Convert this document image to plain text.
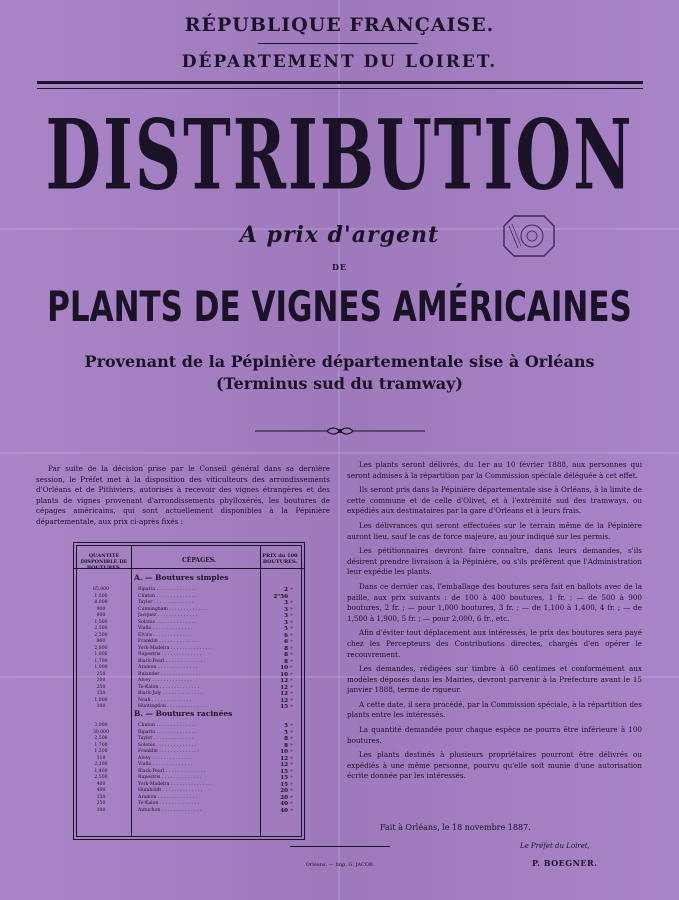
RÉPUBLIQUE FRANÇAISE.
DÉPARTEMENT DU LOIRET.
DISTRIBUTION
A prix d'argent
DE
PLANTS DE VIGNES AMÉRICAINES
Provenant de la Pépinière départementale sise à Orléans
(Terminus sud du tramway)

Par suite de la décision prise par le Conseil général dans sa dernière session, le Préfet met à la disposition des viticulteurs des arrondissements d'Orléans et de Pithiviers, autorisés à recevoir des vignes étrangères et des plants de vignes provenant d'arrondissements phylloxérés, les boutures de cépages américains, qui sont actuellement disponibles à la Pépinière départementale, aux prix ci-après fixés :

QUANTITÉ DISPONIBLE DE BOUTURES.
CÉPAGES.
PRIX du 100 BOUTURES.
A. — Boutures simples
65,000	Riparia . . . . . . . . . . . . . .	2 »
1,500	Clinton . . . . . . . . . . . . . .	2"50
8,000	Taylor . . . . . . . . . . . . . .	3 »
900	Cunningham . . . . . . . . . . . . . .	3 »
800	Jacquez . . . . . . . . . . . . . .	3 »
1,500	Solonis . . . . . . . . . . . . . .	3 »
2,500	Vialla . . . . . . . . . . . . . .	5 »
2,500	Elvira . . . . . . . . . . . . . .	6 »
800	Franklin . . . . . . . . . . . . . .	6 »
2,800	York-Madeira . . . . . . . . . . . . . .	8 »
1,000	Rupestris . . . . . . . . . . . . . .	8 »
1,700	Black-Pearl . . . . . . . . . . . . . .	8 »
1,000	Aramon . . . . . . . . . . . . . .	10 »
250	Rulander . . . . . . . . . . . . . .	10 »
200	Alvey . . . . . . . . . . . . . .	12 »
250	Te-Kalon . . . . . . . . . . . . . .	12 »
150	Black-July . . . . . . . . . . . . . .	12 »
1,000	Noah . . . . . . . . . . . . . .	12 »
100	Huntingdon . . . . . . . . . . . . . .	15 »
B. — Boutures racinées
3,000	Clinton . . . . . . . . . . . . . .	5 »
30,000	Riparia . . . . . . . . . . . . . .	5 »
2,500	Taylor . . . . . . . . . . . . . .	8 »
1,700	Solonis . . . . . . . . . . . . . .	8 »
1,200	Franklin . . . . . . . . . . . . . .	10 »
110	Alvey . . . . . . . . . . . . . .	12 »
2,100	Vialla . . . . . . . . . . . . . .	12 »
1,400	Black-Pearl . . . . . . . . . . . . . .	15 »
2,500	Rupestris . . . . . . . . . . . . . .	15 »
400	York-Madeira . . . . . . . . . . . . . .	15 »
400	Humboldt . . . . . . . . . . . . . .	20 »
150	Aramon . . . . . . . . . . . . . .	20 »
250	Te-Kalon . . . . . . . . . . . . . .	40 »
100	Autuchon . . . . . . . . . . . . . .	40 »

Les plants seront délivrés, du 1er au 10 février 1888, aux personnes qui seront admises à la répartition par la Commission spéciale déléguée à cet effet.

Ils seront pris dans la Pépinière départementale sise à Orléans, à la limite de cette commune et de celle d'Olivet, et à l'extrémité sud des tramways, ou expédiés aux destinataires par la gare d'Orléans et à leurs frais.

Les délivrances qui seront effectuées sur le terrain même de la Pépinière auront lieu, sauf le cas de force majeure, au jour indiqué sur les permis.

Les pétitionnaires devront faire connaître, dans leurs demandes, s'ils désirent prendre livraison à la Pépinière, ou s'ils préfèrent que l'Administration leur expédie les plants.

Dans ce dernier cas, l'emballage des boutures sera fait en ballots avec de la paille, aux prix suivants : de 100 à 400 boutures, 1 fr. ; — de 500 à 900 boutures, 2 fr. ; — pour 1,000 boutures, 3 fr. ; — de 1,100 à 1,400, 4 fr. ; — de 1,500 à 1,900, 5 fr. ; — pour 2,000, 6 fr., etc.

Afin d'éviter tout déplacement aux intéressés, le prix des boutures sera payé chez les Percepteurs des Contributions directes, chargés d'en opérer le recouvrement.

Les demandes, rédigées sur timbre à 60 centimes et conformément aux modèles déposés dans les Mairies, devront parvenir à la Préfecture avant le 15 janvier 1888, terme de rigueur.

A cette date, il sera procédé, par la Commission spéciale, à la répartition des plants entre les intéressés.

La quantité demandée pour chaque espèce ne pourra être inférieure à 100 boutures.

Les plants destinés à plusieurs propriétaires pourront être délivrés ou expédiés à une même personne, pourvu qu'elle soit munie d'une autorisation écrite donnée par les intéressés.

Fait à Orléans, le 18 novembre 1887.
Le Préfet du Loiret,
P. BOEGNER.
Orléans. — Imp. G. JACOB.
